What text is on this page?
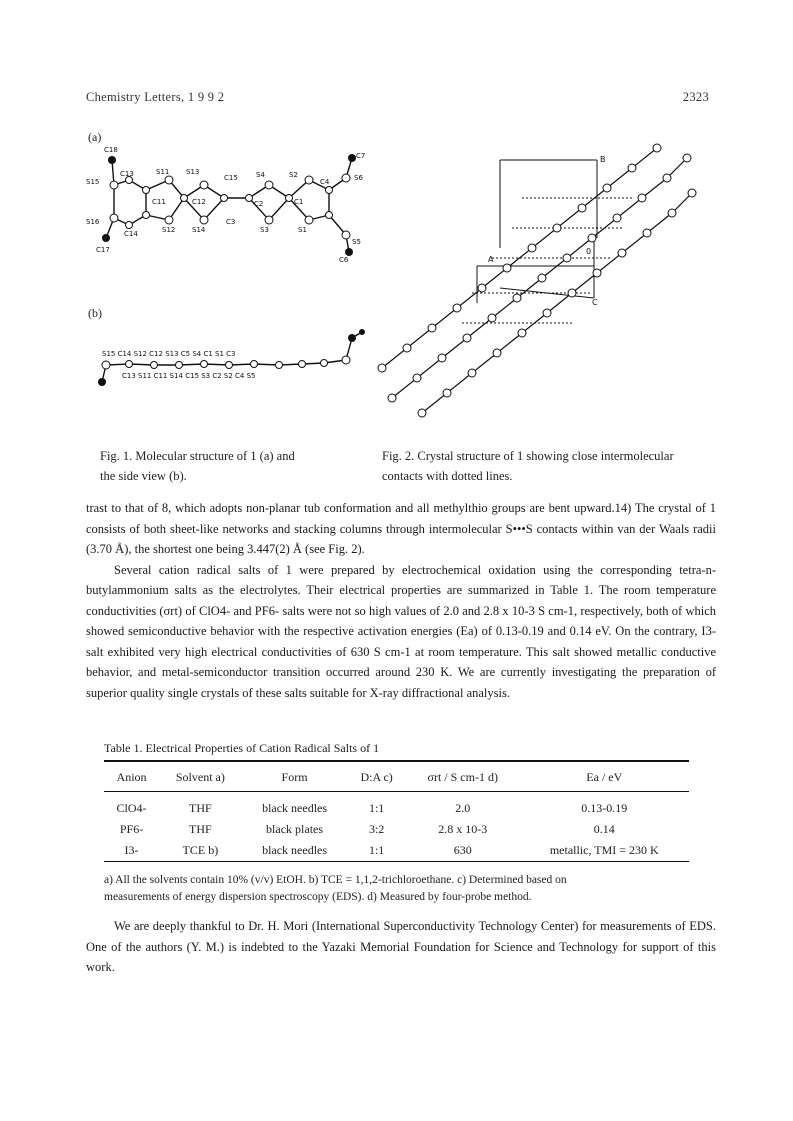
Chemistry Letters, 1 9 9 2	2323
(a)
C18
S15
C13	S11 S13
C15	S4	S2
C4
C7
S6
C11	C12	C2	C1
S16
C14	S12 S14
C3
S3	S1
S5
C17
C6
(b)
S15 C14 S12 C12 S13 C5 S4 C1 S1 C3
C13 S11 C11 S14 C15 S3 C2 S2 C4 S5
B
A
0
C
Fig. 1. Molecular structure of 1 (a) and
the side view (b).
Fig. 2. Crystal structure of 1 showing close intermolecular
contacts with dotted lines.

trast to that of 8, which adopts non-planar tub conformation and all methylthio groups are bent upward.14) The crystal of 1 consists of both sheet-like networks and stacking columns through intermolecular S•••S contacts within van der Waals radii (3.70 Å), the shortest one being 3.447(2) Å (see Fig. 2).

Several cation radical salts of 1 were prepared by electrochemical oxidation using the corresponding tetra-n-butylammonium salts as the electrolytes. Their electrical properties are summarized in Table 1. The room temperature conductivities (σrt) of ClO4- and PF6- salts were not so high values of 2.0 and 2.8 x 10-3 S cm-1, respectively, both of which showed semiconductive behavior with the respective activation energies (Ea) of 0.13-0.19 and 0.14 eV. On the contrary, I3- salt exhibited very high electrical conductivities of 630 S cm-1 at room temperature. This salt showed metallic conductive behavior, and metal-semiconductor transition occurred around 230 K. We are currently investigating the preparation of superior quality single crystals of these salts suitable for X-ray diffractional analysis.

Table 1. Electrical Properties of Cation Radical Salts of 1
Anion	Solvent a)	Form	D:A c)	σrt / S cm-1 d)	Ea / eV
ClO4-	THF	black needles	1:1	2.0	0.13-0.19
PF6-	THF	black plates	3:2	2.8 x 10-3	0.14
I3-	TCE b)	black needles	1:1	630	metallic, TMI = 230 K
a) All the solvents contain 10% (v/v) EtOH. b) TCE = 1,1,2-trichloroethane. c) Determined based on
measurements of energy dispersion spectroscopy (EDS). d) Measured by four-probe method.

We are deeply thankful to Dr. H. Mori (International Superconductivity Technology Center) for measurements of EDS. One of the authors (Y. M.) is indebted to the Yazaki Memorial Foundation for Science and Technology for support of this work.
